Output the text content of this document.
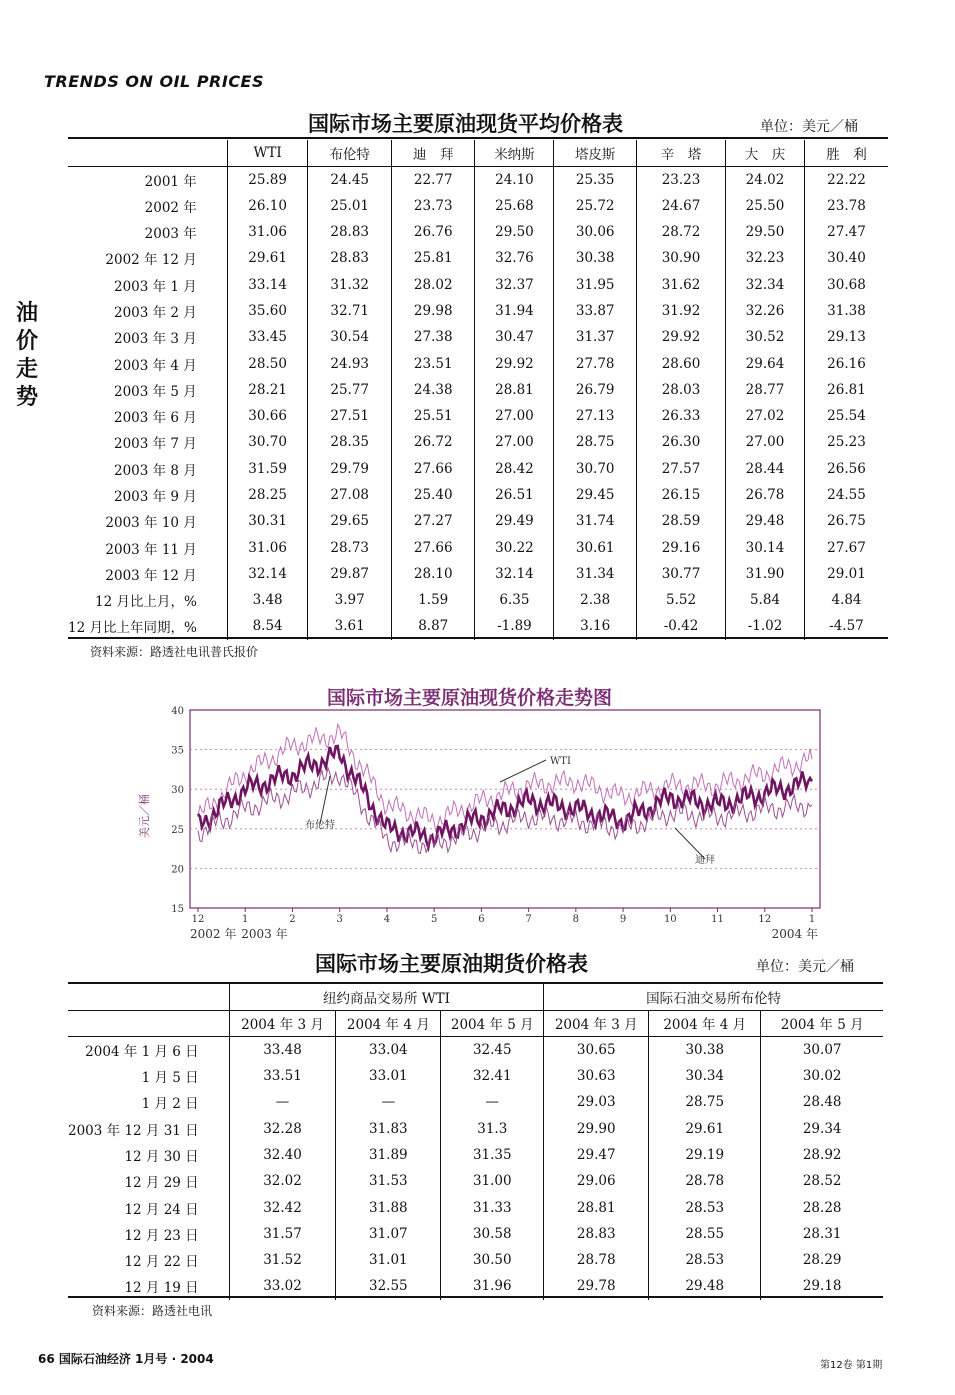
TRENDS ON OIL PRICES
油价走势
国际市场主要原油现货平均价格表	单位：美元／桶
	WTI	布伦特	迪　拜	米纳斯	塔皮斯	辛　塔	大　庆	胜　利
2001 年	25.89	24.45	22.77	24.10	25.35	23.23	24.02	22.22
2002 年	26.10	25.01	23.73	25.68	25.72	24.67	25.50	23.78
2003 年	31.06	28.83	26.76	29.50	30.06	28.72	29.50	27.47
2002 年 12 月	29.61	28.83	25.81	32.76	30.38	30.90	32.23	30.40
2003 年 1 月	33.14	31.32	28.02	32.37	31.95	31.62	32.34	30.68
2003 年 2 月	35.60	32.71	29.98	31.94	33.87	31.92	32.26	31.38
2003 年 3 月	33.45	30.54	27.38	30.47	31.37	29.92	30.52	29.13
2003 年 4 月	28.50	24.93	23.51	29.92	27.78	28.60	29.64	26.16
2003 年 5 月	28.21	25.77	24.38	28.81	26.79	28.03	28.77	26.81
2003 年 6 月	30.66	27.51	25.51	27.00	27.13	26.33	27.02	25.54
2003 年 7 月	30.70	28.35	26.72	27.00	28.75	26.30	27.00	25.23
2003 年 8 月	31.59	29.79	27.66	28.42	30.70	27.57	28.44	26.56
2003 年 9 月	28.25	27.08	25.40	26.51	29.45	26.15	26.78	24.55
2003 年 10 月	30.31	29.65	27.27	29.49	31.74	28.59	29.48	26.75
2003 年 11 月	31.06	28.73	27.66	30.22	30.61	29.16	30.14	27.67
2003 年 12 月	32.14	29.87	28.10	32.14	31.34	30.77	31.90	29.01
12 月比上月，%	3.48	3.97	1.59	6.35	2.38	5.52	5.84	4.84
12 月比上年同期，%	8.54	3.61	8.87	-1.89	3.16	-0.42	-1.02	-4.57
资料来源：路透社电讯普氏报价
国际市场主要原油现货价格走势图
15
20
25
30
35
40
12	1	2	3	4	5	6	7	8	9	10	11	12	1
2002 年 2003 年	2004 年
WTI
布伦特
迪拜
美元／桶
国际市场主要原油期货价格表	单位：美元／桶
	纽约商品交易所 WTI			国际石油交易所布伦特		
	2004 年 3 月	2004 年 4 月	2004 年 5 月	2004 年 3 月	2004 年 4 月	2004 年 5 月
2004 年 1 月 6 日	33.48	33.04	32.45	30.65	30.38	30.07
1 月 5 日	33.51	33.01	32.41	30.63	30.34	30.02
1 月 2 日	—	—	—	29.03	28.75	28.48
2003 年 12 月 31 日	32.28	31.83	31.3	29.90	29.61	29.34
12 月 30 日	32.40	31.89	31.35	29.47	29.19	28.92
12 月 29 日	32.02	31.53	31.00	29.06	28.78	28.52
12 月 24 日	32.42	31.88	31.33	28.81	28.53	28.28
12 月 23 日	31.57	31.07	30.58	28.83	28.55	28.31
12 月 22 日	31.52	31.01	30.50	28.78	28.53	28.29
12 月 19 日	33.02	32.55	31.96	29.78	29.48	29.18
资料来源：路透社电讯
66 国际石油经济 1月号 · 2004	第12卷 第1期
